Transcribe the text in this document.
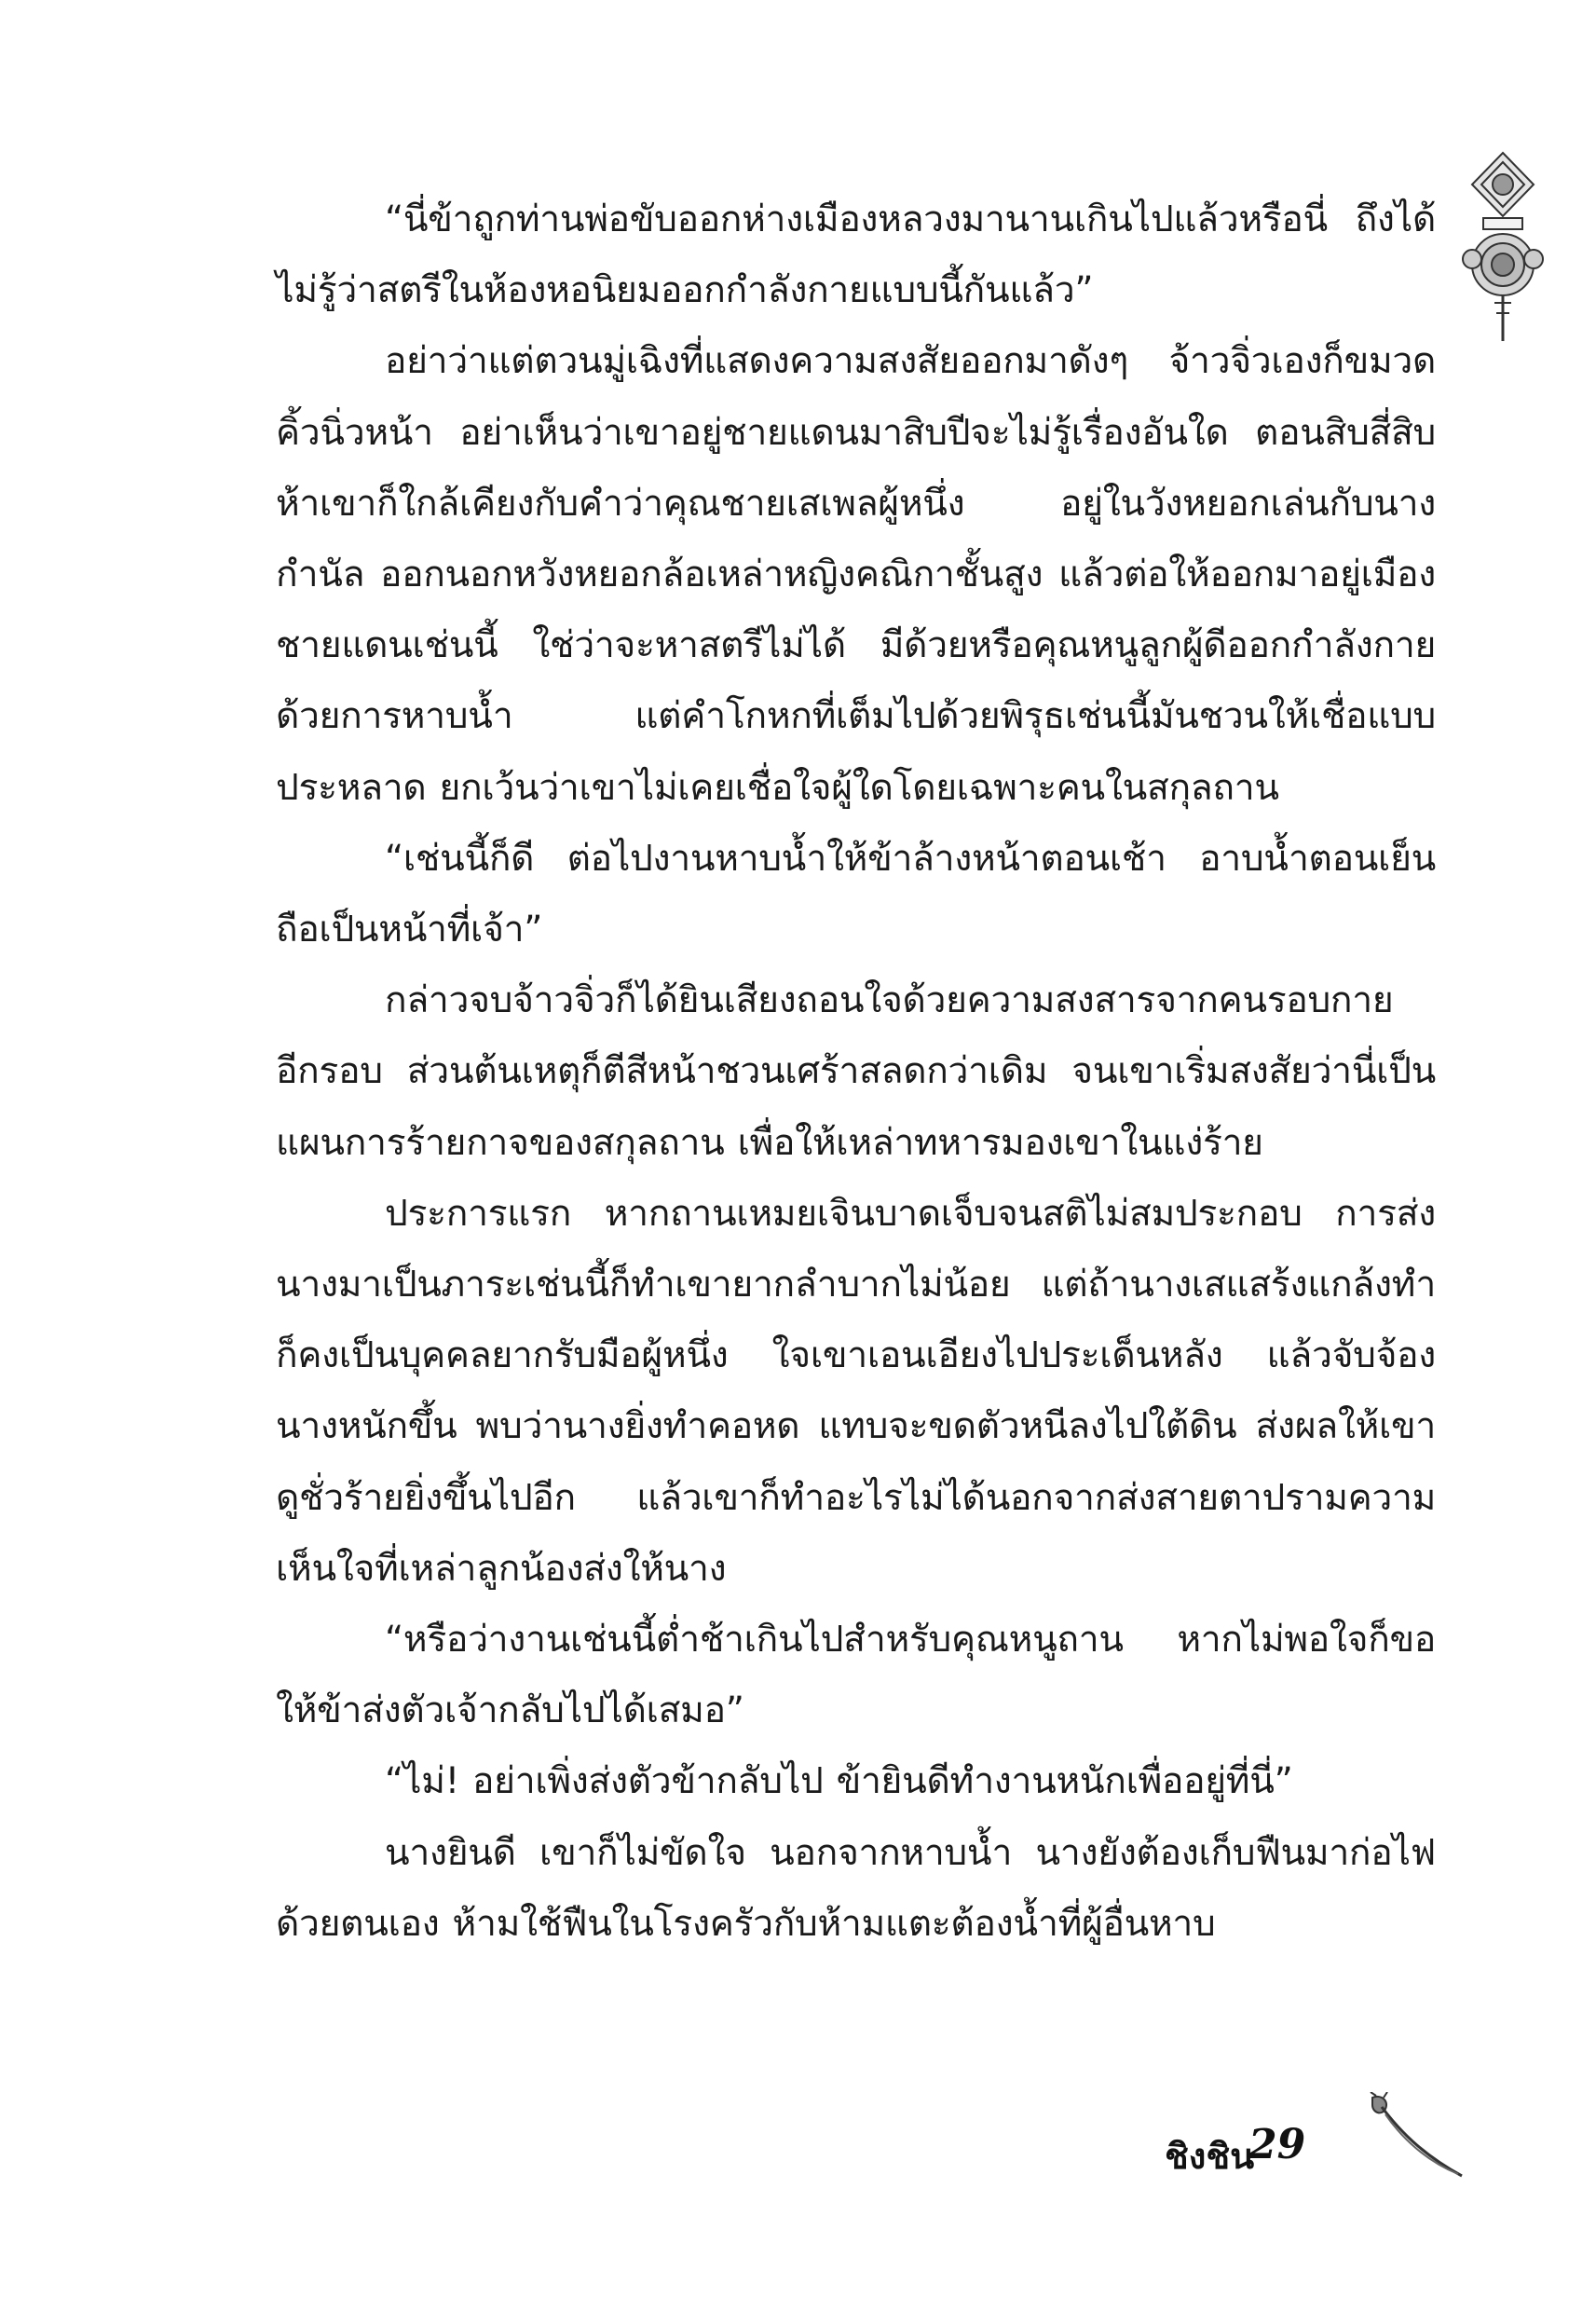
“นี่ข้าถูกท่านพ่อขับออกห่างเมืองหลวงมานานเกินไปแล้วหรือนี่ ถึงได้ไม่รู้ว่าสตรีในห้องหอนิยมออกกำลังกายแบบนี้กันแล้ว”

อย่าว่าแต่ตวนมู่เฉิงที่แสดงความสงสัยออกมาดังๆ จ้าวจิ่วเองก็ขมวดคิ้วนิ่วหน้า อย่าเห็นว่าเขาอยู่ชายแดนมาสิบปีจะไม่รู้เรื่องอันใด ตอนสิบสี่สิบห้าเขาก็ใกล้เคียงกับคำว่าคุณชายเสเพลผู้หนึ่ง อยู่ในวังหยอกเล่นกับนางกำนัล ออกนอกหวังหยอกล้อเหล่าหญิงคณิกาชั้นสูง แล้วต่อให้ออกมาอยู่เมืองชายแดนเช่นนี้ ใช่ว่าจะหาสตรีไม่ได้ มีด้วยหรือคุณหนูลูกผู้ดีออกกำลังกายด้วยการหาบน้ำ แต่คำโกหกที่เต็มไปด้วยพิรุธเช่นนี้มันชวนให้เชื่อแบบประหลาด ยกเว้นว่าเขาไม่เคยเชื่อใจผู้ใดโดยเฉพาะคนในสกุลถาน

“เช่นนี้ก็ดี ต่อไปงานหาบน้ำให้ข้าล้างหน้าตอนเช้า อาบน้ำตอนเย็นถือเป็นหน้าที่เจ้า”

กล่าวจบจ้าวจิ่วก็ได้ยินเสียงถอนใจด้วยความสงสารจากคนรอบกายอีกรอบ ส่วนต้นเหตุก็ตีสีหน้าชวนเศร้าสลดกว่าเดิม จนเขาเริ่มสงสัยว่านี่เป็นแผนการร้ายกาจของสกุลถาน เพื่อให้เหล่าทหารมองเขาในแง่ร้าย

ประการแรก หากถานเหมยเจินบาดเจ็บจนสติไม่สมประกอบ การส่งนางมาเป็นภาระเช่นนี้ก็ทำเขายากลำบากไม่น้อย แต่ถ้านางเสแสร้งแกล้งทำ ก็คงเป็นบุคคลยากรับมือผู้หนึ่ง ใจเขาเอนเอียงไปประเด็นหลัง แล้วจับจ้องนางหนักขึ้น พบว่านางยิ่งทำคอหด แทบจะขดตัวหนีลงไปใต้ดิน ส่งผลให้เขาดูชั่วร้ายยิ่งขึ้นไปอีก แล้วเขาก็ทำอะไรไม่ได้นอกจากส่งสายตาปรามความเห็นใจที่เหล่าลูกน้องส่งให้นาง

“หรือว่างานเช่นนี้ต่ำช้าเกินไปสำหรับคุณหนูถาน หากไม่พอใจก็ขอให้ข้าส่งตัวเจ้ากลับไปได้เสมอ”

“ไม่! อย่าเพิ่งส่งตัวข้ากลับไป ข้ายินดีทำงานหนักเพื่ออยู่ที่นี่”

นางยินดี เขาก็ไม่ขัดใจ นอกจากหาบน้ำ นางยังต้องเก็บฟืนมาก่อไฟด้วยตนเอง ห้ามใช้ฟืนในโรงครัวกับห้ามแตะต้องน้ำที่ผู้อื่นหาบ

ชิงชิน
29
